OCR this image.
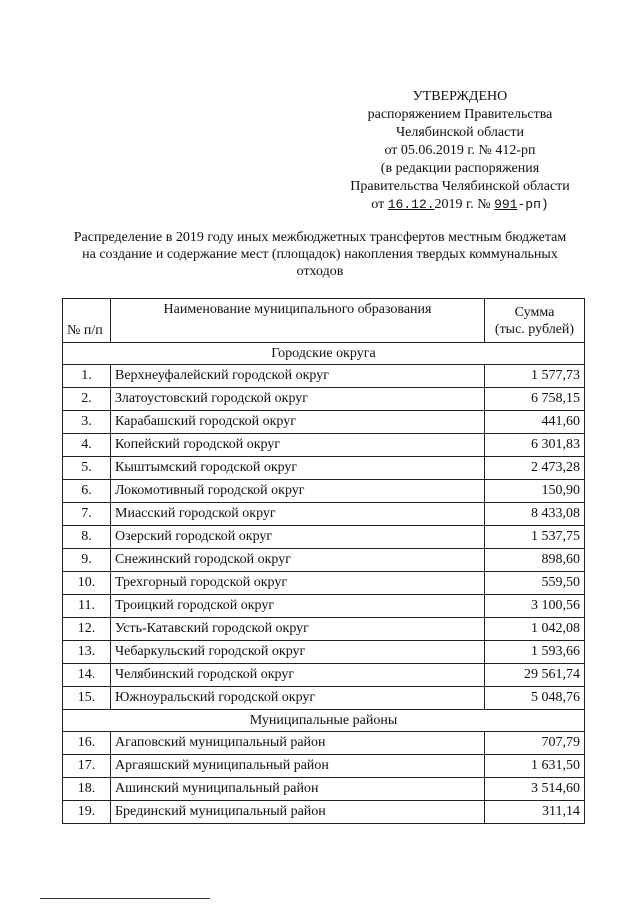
УТВЕРЖДЕНО
распоряжением Правительства
Челябинской области
от 05.06.2019 г. № 412-рп
(в редакции распоряжения
Правительства Челябинской области
от 16.12.2019 г. № 991-рп)
Распределение в 2019 году иных межбюджетных трансфертов местным бюджетам на создание и содержание мест (площадок) накопления твердых коммунальных отходов
№ п/п	Наименование муниципального образования	Сумма
(тыс. рублей)
Городские округа		
1.	Верхнеуфалейский городской округ	1 577,73
2.	Златоустовский городской округ	6 758,15
3.	Карабашский городской округ	441,60
4.	Копейский городской округ	6 301,83
5.	Кыштымский городской округ	2 473,28
6.	Локомотивный городской округ	150,90
7.	Миасский городской округ	8 433,08
8.	Озерский городской округ	1 537,75
9.	Снежинский городской округ	898,60
10.	Трехгорный городской округ	559,50
11.	Троицкий городской округ	3 100,56
12.	Усть-Катавский городской округ	1 042,08
13.	Чебаркульский городской округ	1 593,66
14.	Челябинский городской округ	29 561,74
15.	Южноуральский городской округ	5 048,76
Муниципальные районы		
16.	Агаповский муниципальный район	707,79
17.	Аргаяшский муниципальный район	1 631,50
18.	Ашинский муниципальный район	3 514,60
19.	Брединский муниципальный район	311,14
